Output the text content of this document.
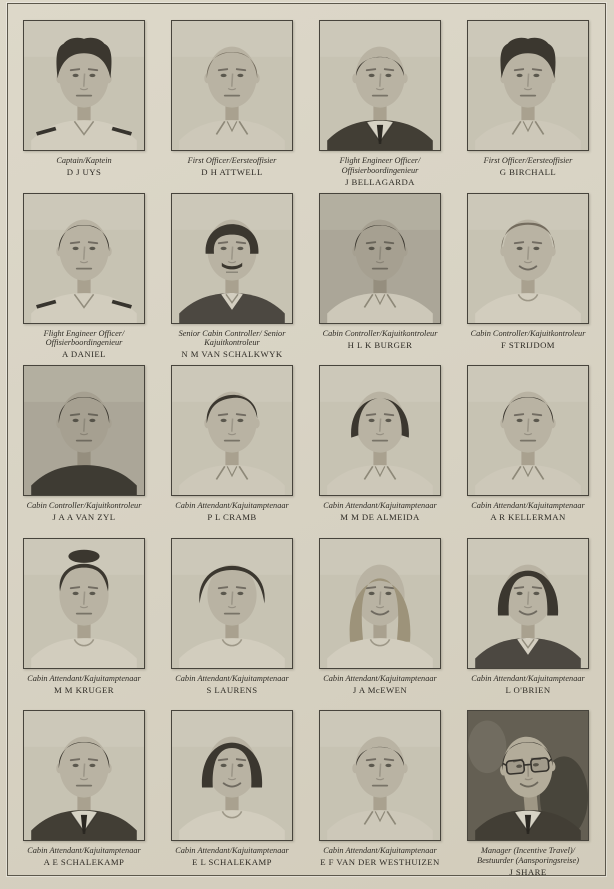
Captain/Kaptein
D J UYS
First Officer/Eersteoffisier
D H ATTWELL
Flight Engineer Officer/ Offisierboordingenieur
J BELLAGARDA
First Officer/Eersteoffisier
G BIRCHALL
Flight Engineer Officer/ Offisierboordingenieur
A DANIEL
Senior Cabin Controller/ Senior Kajuitkontroleur
N M VAN SCHALKWYK
Cabin Controller/Kajuitkontroleur
H L K BURGER
Cabin Controller/Kajuitkontroleur
F STRIJDOM
Cabin Controller/Kajuitkontroleur
J A A VAN ZYL
Cabin Attendant/Kajuitamptenaar
P L CRAMB
Cabin Attendant/Kajuitamptenaar
M M DE ALMEIDA
Cabin Attendant/Kajuitamptenaar
A R KELLERMAN
Cabin Attendant/Kajuitamptenaar
M M KRUGER
Cabin Attendant/Kajuitamptenaar
S LAURENS
Cabin Attendant/Kajuitamptenaar
J A McEWEN
Cabin Attendant/Kajuitamptenaar
L O'BRIEN
Cabin Attendant/Kajuitamptenaar
A E SCHALEKAMP
Cabin Attendant/Kajuitamptenaar
E L SCHALEKAMP
Cabin Attendant/Kajuitamptenaar
E F VAN DER WESTHUIZEN
Manager (Incentive Travel)/ Bestuurder (Aansporingsreise)
J SHARE
